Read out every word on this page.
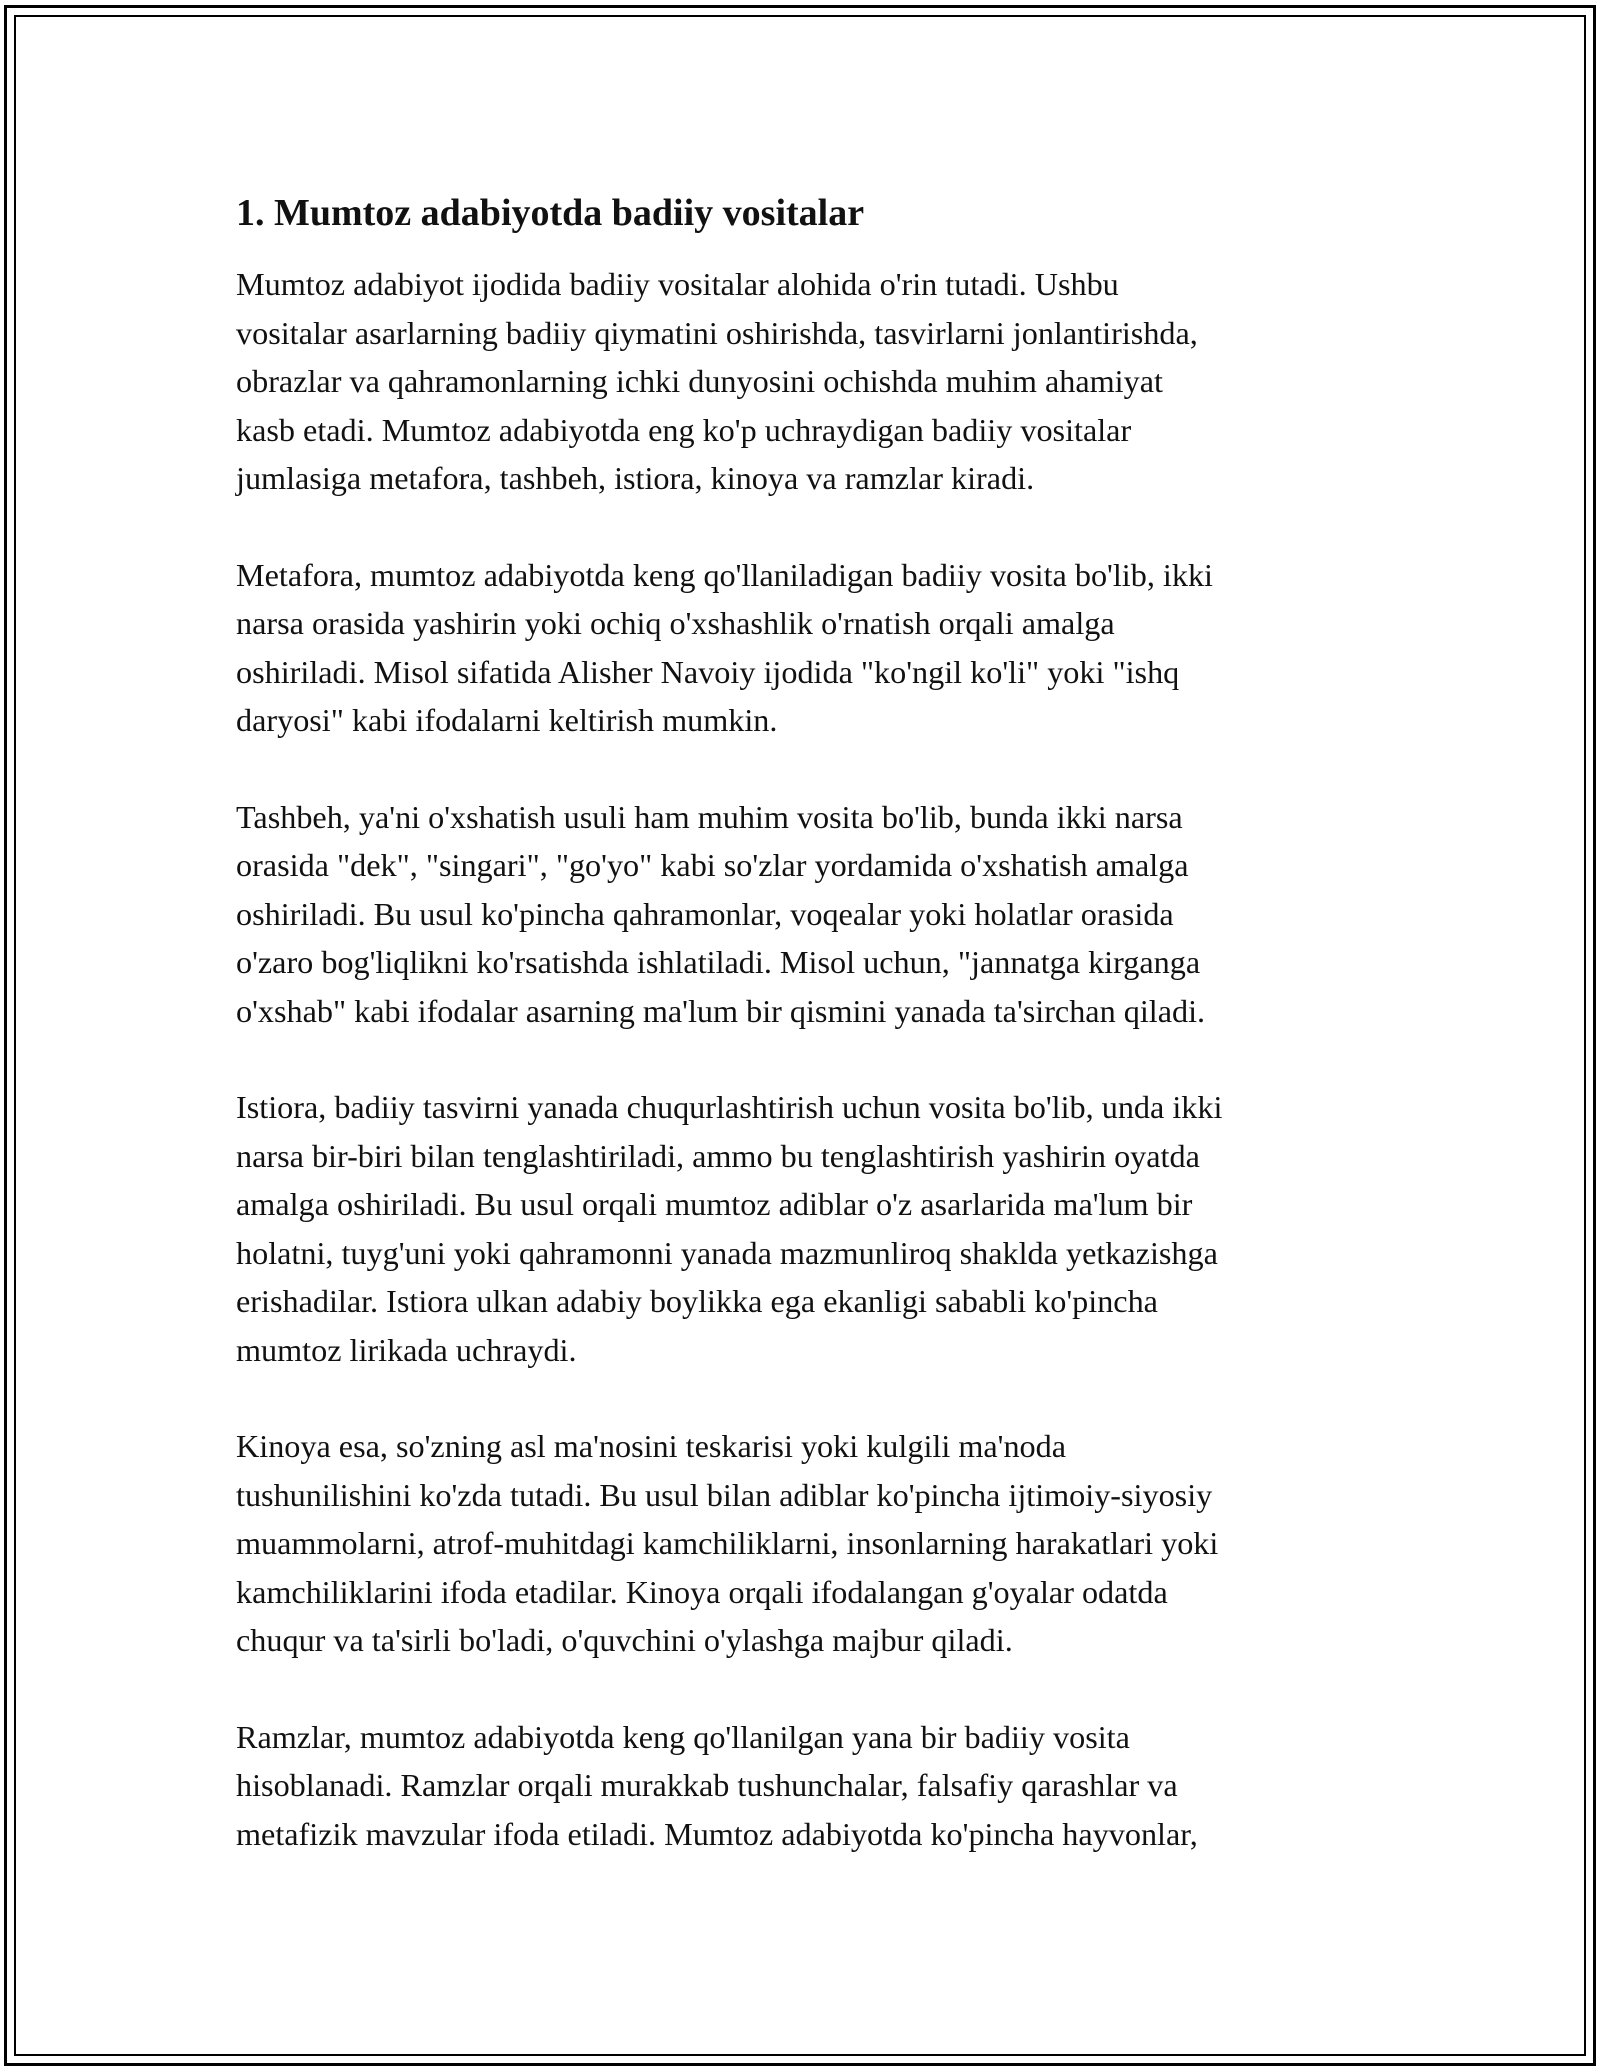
1. Mumtoz adabiyotda badiiy vositalar

Mumtoz adabiyot ijodida badiiy vositalar alohida o'rin tutadi. Ushbu
vositalar asarlarning badiiy qiymatini oshirishda, tasvirlarni jonlantirishda,
obrazlar va qahramonlarning ichki dunyosini ochishda muhim ahamiyat
kasb etadi. Mumtoz adabiyotda eng ko'p uchraydigan badiiy vositalar
jumlasiga metafora, tashbeh, istiora, kinoya va ramzlar kiradi.

Metafora, mumtoz adabiyotda keng qo'llaniladigan badiiy vosita bo'lib, ikki
narsa orasida yashirin yoki ochiq o'xshashlik o'rnatish orqali amalga
oshiriladi. Misol sifatida Alisher Navoiy ijodida "ko'ngil ko'li" yoki "ishq
daryosi" kabi ifodalarni keltirish mumkin.

Tashbeh, ya'ni o'xshatish usuli ham muhim vosita bo'lib, bunda ikki narsa
orasida "dek", "singari", "go'yo" kabi so'zlar yordamida o'xshatish amalga
oshiriladi. Bu usul ko'pincha qahramonlar, voqealar yoki holatlar orasida
o'zaro bog'liqlikni ko'rsatishda ishlatiladi. Misol uchun, "jannatga kirganga
o'xshab" kabi ifodalar asarning ma'lum bir qismini yanada ta'sirchan qiladi.

Istiora, badiiy tasvirni yanada chuqurlashtirish uchun vosita bo'lib, unda ikki
narsa bir-biri bilan tenglashtiriladi, ammo bu tenglashtirish yashirin oyatda
amalga oshiriladi. Bu usul orqali mumtoz adiblar o'z asarlarida ma'lum bir
holatni, tuyg'uni yoki qahramonni yanada mazmunliroq shaklda yetkazishga
erishadilar. Istiora ulkan adabiy boylikka ega ekanligi sababli ko'pincha
mumtoz lirikada uchraydi.

Kinoya esa, so'zning asl ma'nosini teskarisi yoki kulgili ma'noda
tushunilishini ko'zda tutadi. Bu usul bilan adiblar ko'pincha ijtimoiy-siyosiy
muammolarni, atrof-muhitdagi kamchiliklarni, insonlarning harakatlari yoki
kamchiliklarini ifoda etadilar. Kinoya orqali ifodalangan g'oyalar odatda
chuqur va ta'sirli bo'ladi, o'quvchini o'ylashga majbur qiladi.

Ramzlar, mumtoz adabiyotda keng qo'llanilgan yana bir badiiy vosita
hisoblanadi. Ramzlar orqali murakkab tushunchalar, falsafiy qarashlar va
metafizik mavzular ifoda etiladi. Mumtoz adabiyotda ko'pincha hayvonlar,
